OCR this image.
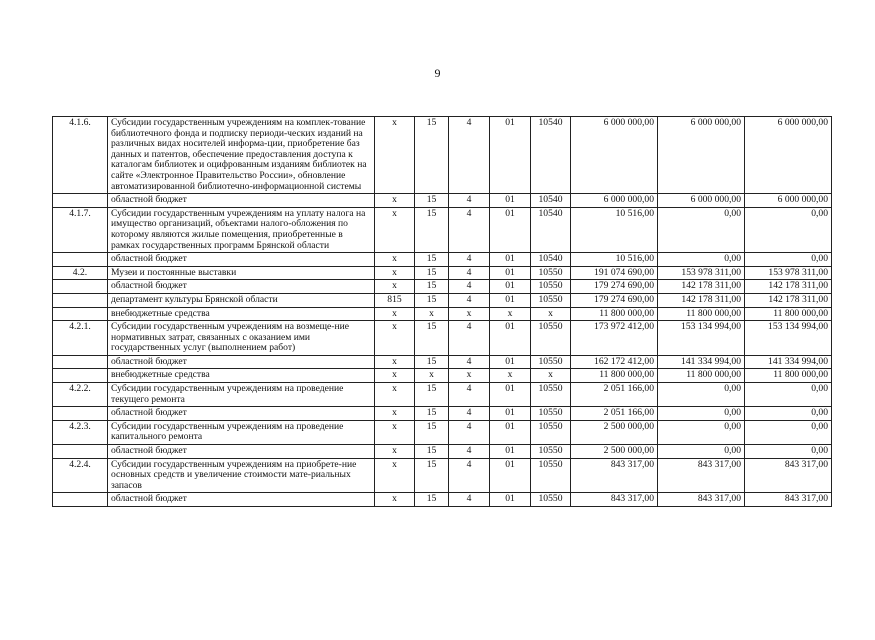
9
4.1.6.	Субсидии государственным учреждениям на комплек-тование библиотечного фонда и подписку периоди-ческих изданий на различных видах носителей информа-ции, приобретение баз данных и патентов, обеспечение предоставления доступа к каталогам библиотек и оцифрованным изданиям библиотек на сайте «Электронное Правительство России», обновление автоматизированной библиотечно-информационной системы	x	15	4	01	10540	6 000 000,00	6 000 000,00	6 000 000,00
	областной бюджет	x	15	4	01	10540	6 000 000,00	6 000 000,00	6 000 000,00
4.1.7.	Субсидии государственным учреждениям на уплату налога на имущество организаций, объектами налого-обложения по которому являются жилые помещения, приобретенные в рамках государственных программ Брянской области	x	15	4	01	10540	10 516,00	0,00	0,00
	областной бюджет	x	15	4	01	10540	10 516,00	0,00	0,00
4.2.	Музеи и постоянные выставки	x	15	4	01	10550	191 074 690,00	153 978 311,00	153 978 311,00
	областной бюджет	x	15	4	01	10550	179 274 690,00	142 178 311,00	142 178 311,00
	департамент культуры Брянской области	815	15	4	01	10550	179 274 690,00	142 178 311,00	142 178 311,00
	внебюджетные средства	x	x	x	x	x	11 800 000,00	11 800 000,00	11 800 000,00
4.2.1.	Субсидии государственным учреждениям на возмеще-ние нормативных затрат, связанных с оказанием ими государственных услуг (выполнением работ)	x	15	4	01	10550	173 972 412,00	153 134 994,00	153 134 994,00
	областной бюджет	x	15	4	01	10550	162 172 412,00	141 334 994,00	141 334 994,00
	внебюджетные средства	x	x	x	x	x	11 800 000,00	11 800 000,00	11 800 000,00
4.2.2.	Субсидии государственным учреждениям на проведение текущего ремонта	x	15	4	01	10550	2 051 166,00	0,00	0,00
	областной бюджет	x	15	4	01	10550	2 051 166,00	0,00	0,00
4.2.3.	Субсидии государственным учреждениям на проведение капитального ремонта	x	15	4	01	10550	2 500 000,00	0,00	0,00
	областной бюджет	x	15	4	01	10550	2 500 000,00	0,00	0,00
4.2.4.	Субсидии государственным учреждениям на приобрете-ние основных средств и увеличение стоимости мате-риальных запасов	x	15	4	01	10550	843 317,00	843 317,00	843 317,00
	областной бюджет	x	15	4	01	10550	843 317,00	843 317,00	843 317,00
